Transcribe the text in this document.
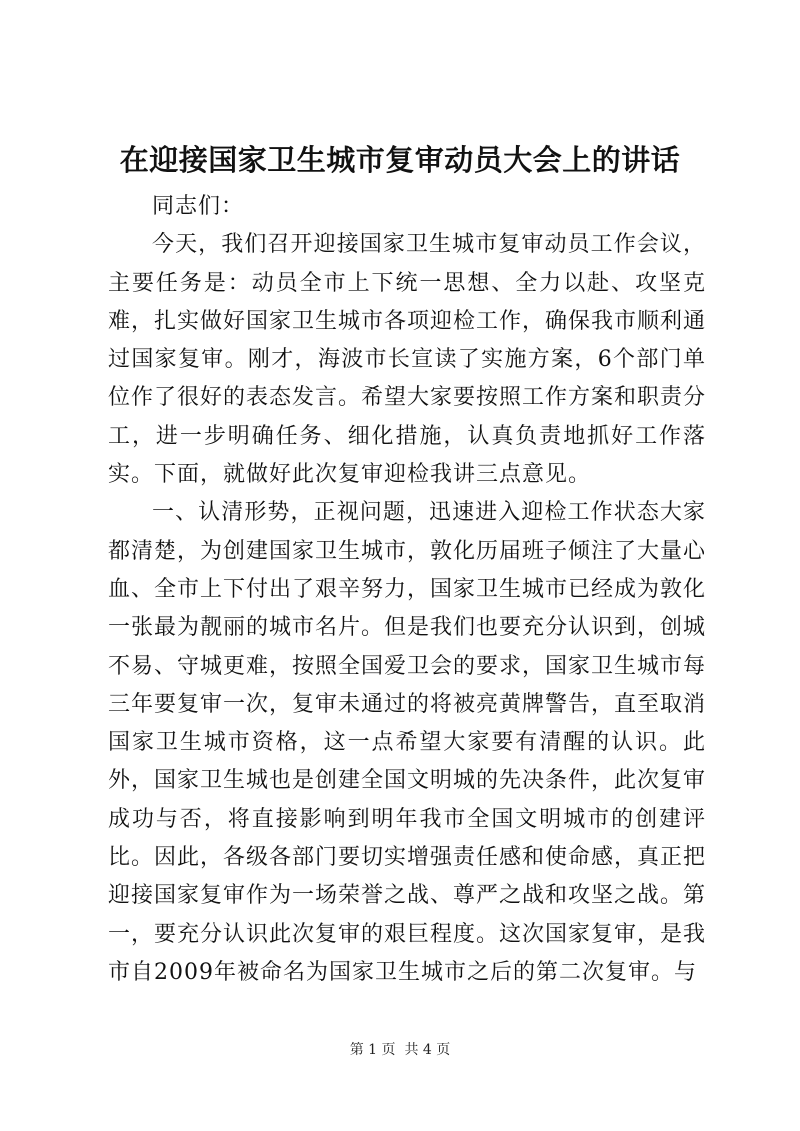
在迎接国家卫生城市复审动员大会上的讲话

同志们：

今天，我们召开迎接国家卫生城市复审动员工作会议，主要任务是：动员全市上下统一思想、全力以赴、攻坚克难，扎实做好国家卫生城市各项迎检工作，确保我市顺利通过国家复审。刚才，海波市长宣读了实施方案，6个部门单位作了很好的表态发言。希望大家要按照工作方案和职责分工，进一步明确任务、细化措施，认真负责地抓好工作落实。下面，就做好此次复审迎检我讲三点意见。

一、认清形势，正视问题，迅速进入迎检工作状态大家都清楚，为创建国家卫生城市，敦化历届班子倾注了大量心血、全市上下付出了艰辛努力，国家卫生城市已经成为敦化一张最为靓丽的城市名片。但是我们也要充分认识到，创城不易、守城更难，按照全国爱卫会的要求，国家卫生城市每三年要复审一次，复审未通过的将被亮黄牌警告，直至取消国家卫生城市资格，这一点希望大家要有清醒的认识。此外，国家卫生城也是创建全国文明城的先决条件，此次复审成功与否，将直接影响到明年我市全国文明城市的创建评比。因此，各级各部门要切实增强责任感和使命感，真正把迎接国家复审作为一场荣誉之战、尊严之战和攻坚之战。第一，要充分认识此次复审的艰巨程度。这次国家复审，是我市自2009年被命名为国家卫生城市之后的第二次复审。与

第 1 页  共 4 页
